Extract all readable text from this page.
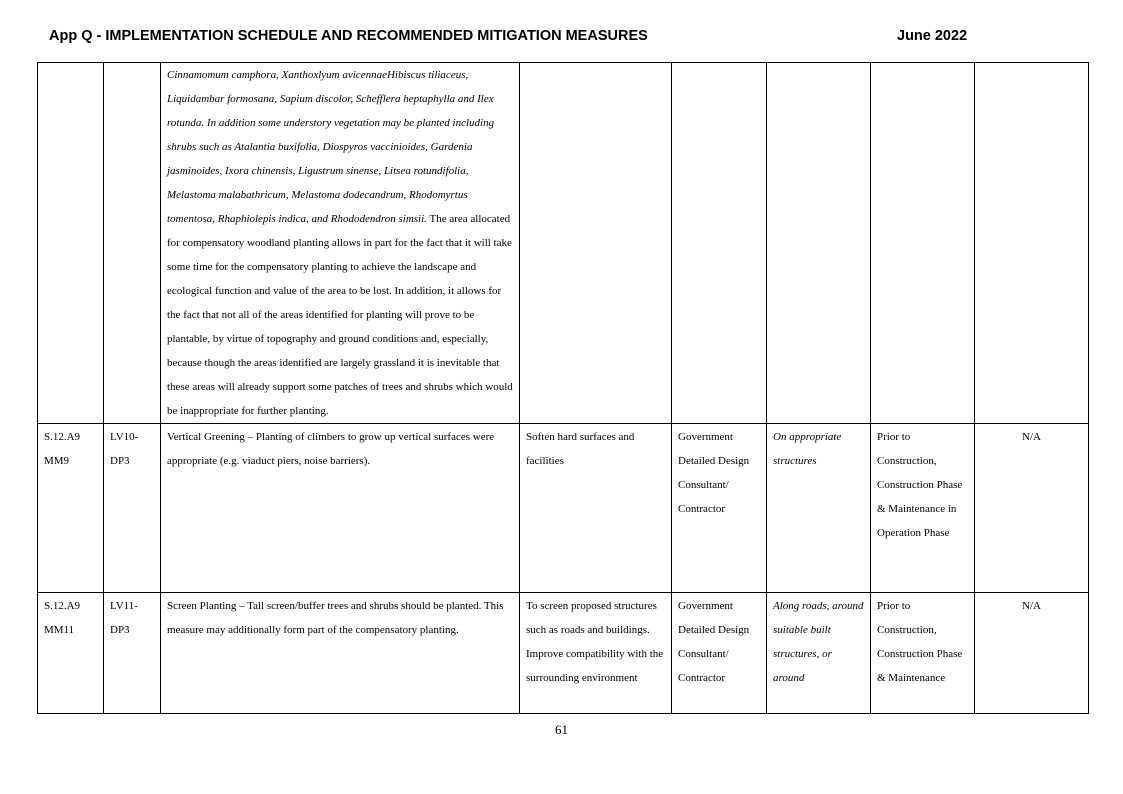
App Q - IMPLEMENTATION SCHEDULE AND RECOMMENDED MITIGATION MEASURES	June 2022
		Cinnamomum camphora, Xanthoxlyum avicennaeHibiscus tiliaceus, Liquidambar formosana, Sapium discolor, Schefflera heptaphylla and Ilex rotunda. In addition some understory vegetation may be planted including shrubs such as Atalantia buxifolia, Diospyros vaccinioides, Gardenia jasminoides, Ixora chinensis, Ligustrum sinense, Litsea rotundifolia, Melastoma malabathricum, Melastoma dodecandrum, Rhodomyrtus tomentosa, Rhaphiolepis indica, and Rhododendron simsii. The area allocated for compensatory woodland planting allows in part for the fact that it will take some time for the compensatory planting to achieve the landscape and ecological function and value of the area to be lost. In addition, it allows for the fact that not all of the areas identified for planting will prove to be plantable, by virtue of topography and ground conditions and, especially, because though the areas identified are largely grassland it is inevitable that these areas will already support some patches of trees and shrubs which would be inappropriate for further planting.					
S.12.A9 MM9	LV10- DP3	Vertical Greening – Planting of climbers to grow up vertical surfaces were appropriate (e.g. viaduct piers, noise barriers).	Soften hard surfaces and facilities	Government Detailed Design Consultant/ Contractor	On appropriate structures	Prior to Construction, Construction Phase & Maintenance in Operation Phase	N/A
S.12.A9 MM11	LV11- DP3	Screen Planting – Tall screen/buffer trees and shrubs should be planted. This measure may additionally form part of the compensatory planting.	To screen proposed structures such as roads and buildings. Improve compatibility with the surrounding environment	Government Detailed Design Consultant/ Contractor	Along roads, around suitable built structures, or around	Prior to Construction, Construction Phase & Maintenance	N/A
61
